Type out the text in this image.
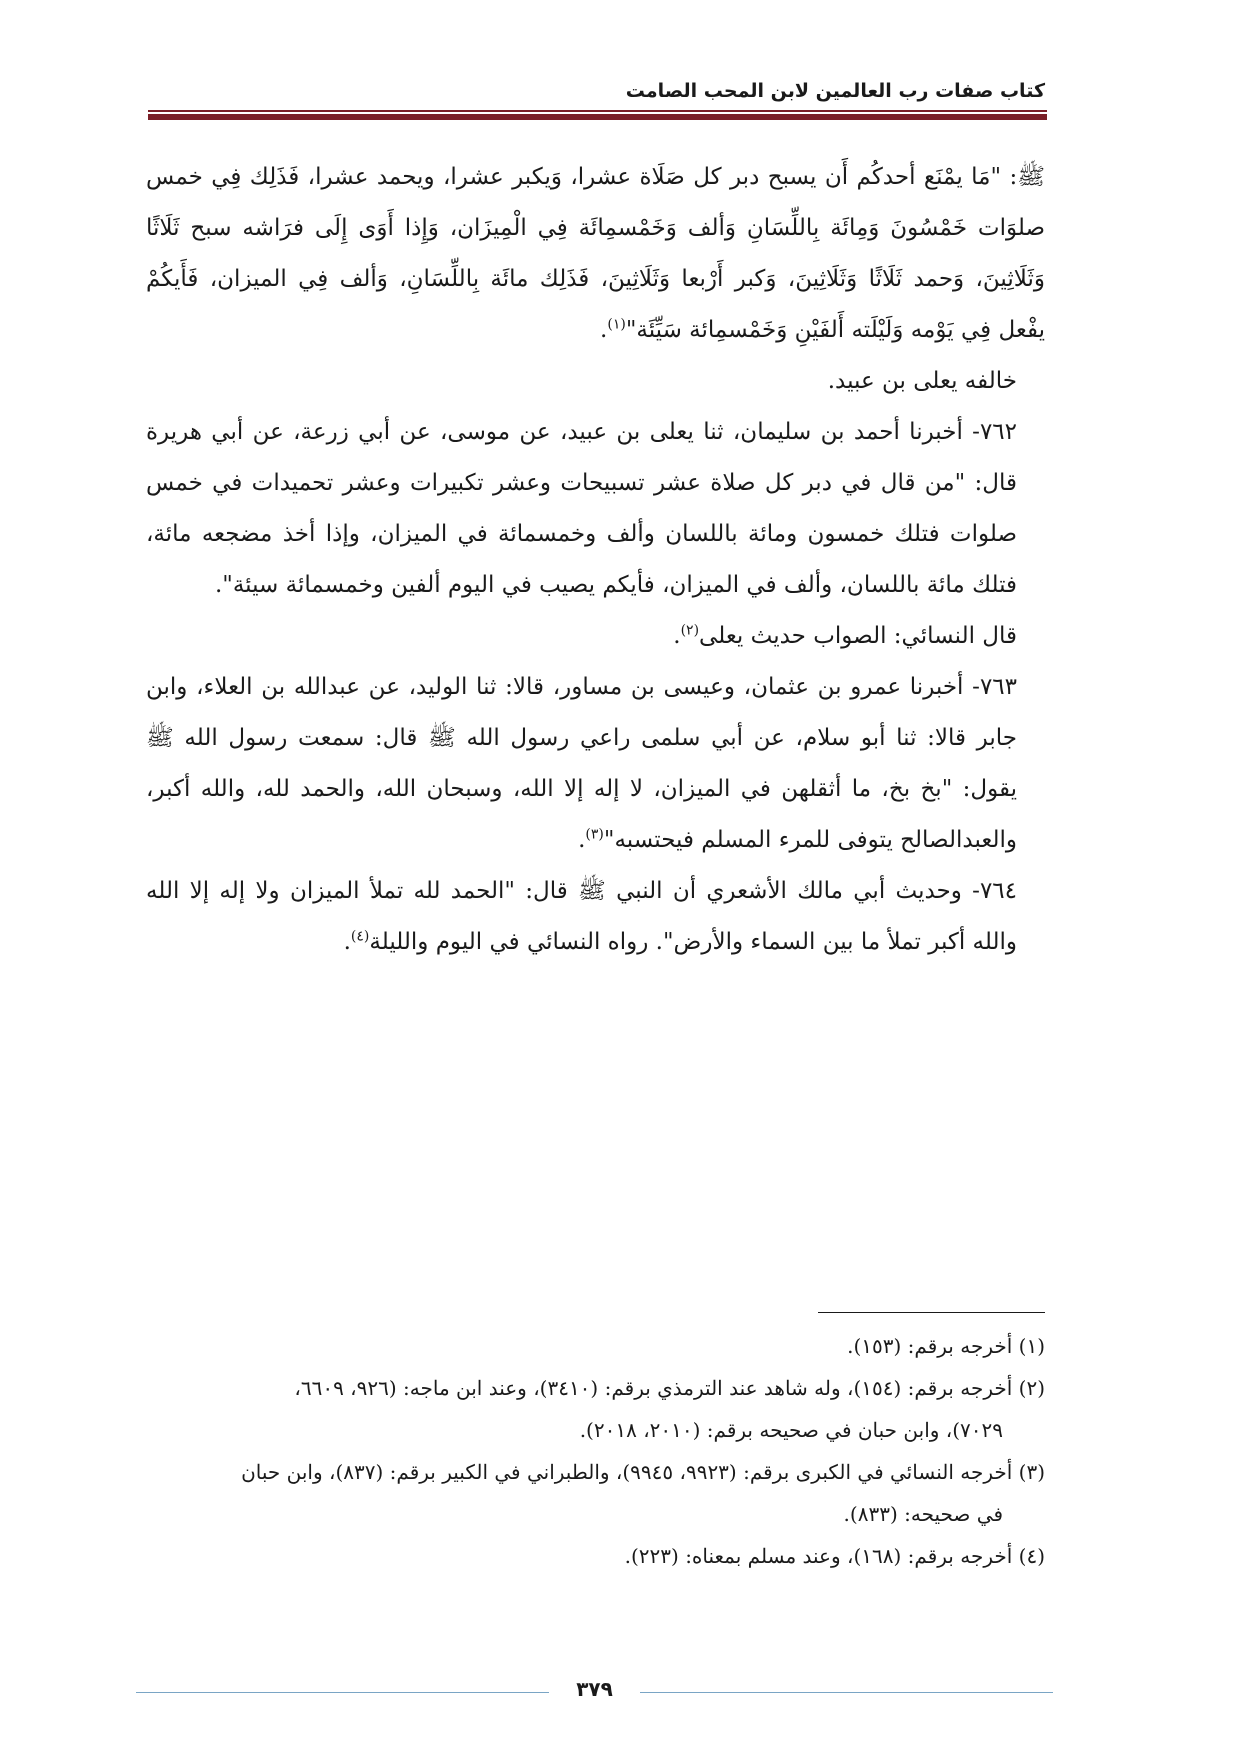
كتاب صفات رب العالمين لابن المحب الصامت

ﷺ: "مَا يمْنَع أحدكُم أَن يسبح دبر كل صَلَاة عشرا، وَيكبر عشرا، ويحمد عشرا، فَذَلِك فِي خمس صلوَات خَمْسُونَ وَمِائَة بِاللِّسَانِ وَألف وَخَمْسمِائَة فِي الْمِيزَان، وَإِذا أَوَى إِلَى فرَاشه سبح ثَلَاثًا وَثَلَاثِينَ، وَحمد ثَلَاثًا وَثَلَاثِينَ، وَكبر أَرْبعا وَثَلَاثِينَ، فَذَلِك مائَة بِاللِّسَانِ، وَألف فِي الميزان، فَأَيكُمْ يفْعل فِي يَوْمه وَلَيْلَته أَلفَيْنِ وَخَمْسمِائة سَيِّئَة"$^{(١)}$.

خالفه يعلى بن عبيد.

٧٦٢- أخبرنا أحمد بن سليمان، ثنا يعلى بن عبيد، عن موسى، عن أبي زرعة، عن أبي هريرة قال: "من قال في دبر كل صلاة عشر تسبيحات وعشر تكبيرات وعشر تحميدات في خمس صلوات فتلك خمسون ومائة باللسان وألف وخمسمائة في الميزان، وإذا أخذ مضجعه مائة، فتلك مائة باللسان، وألف في الميزان، فأيكم يصيب في اليوم ألفين وخمسمائة سيئة".

قال النسائي: الصواب حديث يعلى$^{(٢)}$.

٧٦٣- أخبرنا عمرو بن عثمان، وعيسى بن مساور، قالا: ثنا الوليد، عن عبدالله بن العلاء، وابن جابر قالا: ثنا أبو سلام، عن أبي سلمى راعي رسول الله ﷺ قال: سمعت رسول الله ﷺ يقول: "بخ بخ، ما أثقلهن في الميزان، لا إله إلا الله، وسبحان الله، والحمد لله، والله أكبر، والعبدالصالح يتوفى للمرء المسلم فيحتسبه"$^{(٣)}$.

٧٦٤- وحديث أبي مالك الأشعري أن النبي ﷺ قال: "الحمد لله تملأ الميزان ولا إله إلا الله والله أكبر تملأ ما بين السماء والأرض". رواه النسائي في اليوم والليلة$^{(٤)}$.

(١) أخرجه برقم: (١٥٣).

(٢) أخرجه برقم: (١٥٤)، وله شاهد عند الترمذي برقم: (٣٤١٠)، وعند ابن ماجه: (٩٢٦، ٦٦٠٩،

٧٠٢٩)، وابن حبان في صحيحه برقم: (٢٠١٠، ٢٠١٨).

(٣) أخرجه النسائي في الكبرى برقم: (٩٩٢٣، ٩٩٤٥)، والطبراني في الكبير برقم: (٨٣٧)، وابن حبان

في صحيحه: (٨٣٣).

(٤) أخرجه برقم: (١٦٨)، وعند مسلم بمعناه: (٢٢٣).

٣٧٩
